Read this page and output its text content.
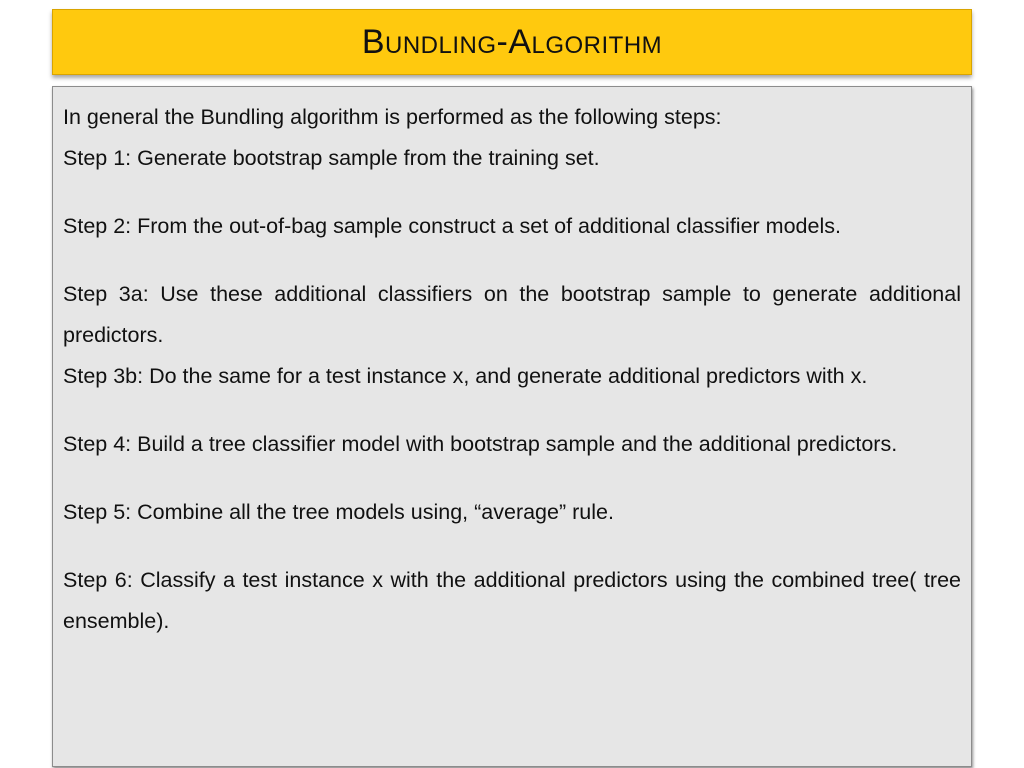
Bundling-Algorithm

In general the Bundling algorithm is performed as the following steps:

Step 1: Generate bootstrap sample from the training set.

Step 2: From the out-of-bag sample construct a set of additional classifier models.

Step 3a: Use these additional classifiers on the bootstrap sample to generate additional predictors.

Step 3b: Do the same for a test instance x, and generate additional predictors with x.

Step 4: Build a tree classifier model with bootstrap sample and the additional predictors.

Step 5: Combine all the tree models using, “average” rule.

Step 6: Classify a test instance x with the additional predictors using the combined tree( tree ensemble).
